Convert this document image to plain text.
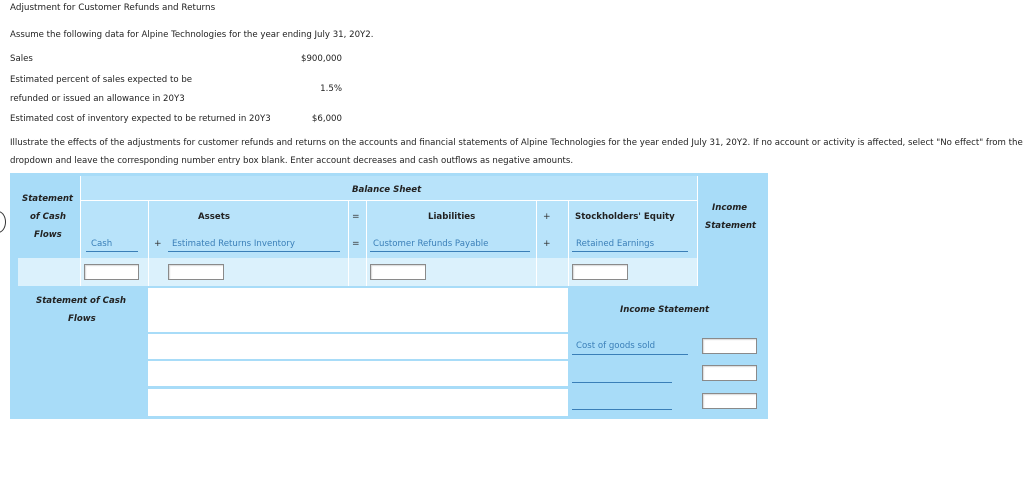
Adjustment for Customer Refunds and Returns
Assume the following data for Alpine Technologies for the year ending July 31, 20Y2.
Sales	$900,000
Estimated percent of sales expected to be
refunded or issued an allowance in 20Y3
1.5%
Estimated cost of inventory expected to be returned in 20Y3	$6,000
Illustrate the effects of the adjustments for customer refunds and returns on the accounts and financial statements of Alpine Technologies for the year ended July 31, 20Y2. If no account or activity is affected, select "No effect" from the dropdown and leave the corresponding number entry box blank. Enter account decreases and cash outflows as negative amounts.
Balance Sheet
Statement
of Cash
Flows
Assets	=	Liabilities	+	Stockholders' Equity
Income
Statement
Cash	+ Estimated Returns Inventory	= Customer Refunds Payable	+	Retained Earnings
Statement of Cash
Flows
Income Statement
Cost of goods sold
